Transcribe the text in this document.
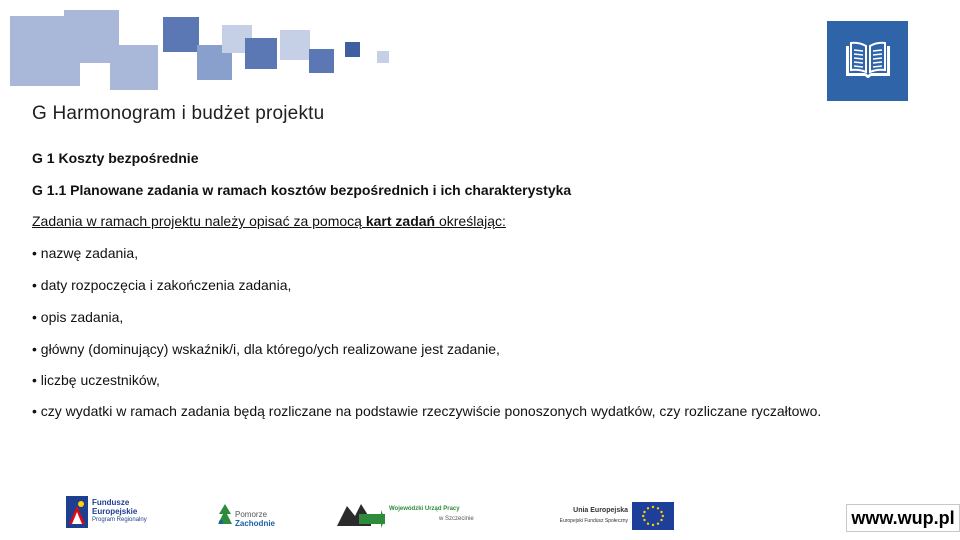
G Harmonogram i budżet projektu
G 1 Koszty bezpośrednie
G 1.1 Planowane zadania w ramach kosztów bezpośrednich i ich charakterystyka
Zadania w ramach projektu należy opisać za pomocą kart zadań określając:
• nazwę zadania,
• daty rozpoczęcia i zakończenia zadania,
• opis zadania,
• główny (dominujący) wskaźnik/i, dla którego/ych realizowane jest zadanie,
• liczbę uczestników,
• czy wydatki w ramach zadania będą rozliczane na podstawie rzeczywiście ponoszonych wydatków, czy rozliczane ryczałtowo.
Fundusze
Europejskie
Program Regionalny
Pomorze
Zachodnie
Wojewódzki Urząd Pracy
w Szczecinie
Unia Europejska
Europejski Fundusz Społeczny	www.wup.pl
